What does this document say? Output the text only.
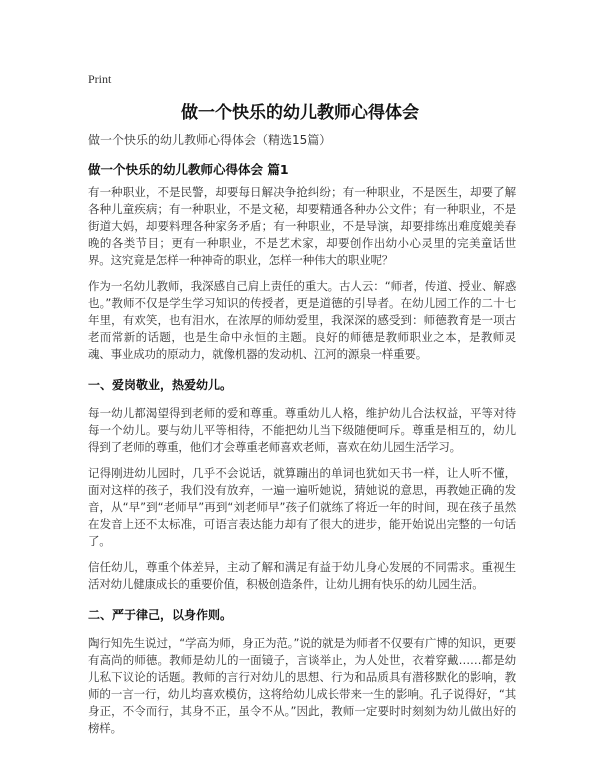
Print
做一个快乐的幼儿教师心得体会

做一个快乐的幼儿教师心得体会（精选15篇）

做一个快乐的幼儿教师心得体会 篇1

有一种职业，不是民警，却要每日解决争抢纠纷；有一种职业，不是医生，却要了解各种儿童疾病；有一种职业，不是文秘，却要精通各种办公文件；有一种职业，不是街道大妈，却要料理各种家务矛盾；有一种职业，不是导演，却要排练出难度媲美春晚的各类节目；更有一种职业，不是艺术家，却要创作出幼小心灵里的完美童话世界。这究竟是怎样一种神奇的职业，怎样一种伟大的职业呢？

作为一名幼儿教师，我深感自己肩上责任的重大。古人云：“师者，传道、授业、解惑也。”教师不仅是学生学习知识的传授者，更是道德的引导者。在幼儿园工作的二十七年里，有欢笑，也有泪水，在浓厚的师幼爱里，我深深的感受到：师德教育是一项古老而常新的话题，也是生命中永恒的主题。良好的师德是教师职业之本，是教师灵魂、事业成功的原动力，就像机器的发动机、江河的源泉一样重要。

一、爱岗敬业，热爱幼儿。

每一幼儿都渴望得到老师的爱和尊重。尊重幼儿人格，维护幼儿合法权益，平等对待每一个幼儿。要与幼儿平等相待，不能把幼儿当下级随便呵斥。尊重是相互的，幼儿得到了老师的尊重，他们才会尊重老师喜欢老师，喜欢在幼儿园生活学习。

记得刚进幼儿园时，几乎不会说话，就算蹦出的单词也犹如天书一样，让人听不懂，面对这样的孩子，我们没有放弃，一遍一遍听她说，猜她说的意思，再教她正确的发音，从“早”到“老师早”再到“刘老师早”孩子们就练了将近一年的时间，现在孩子虽然在发音上还不太标准，可语言表达能力却有了很大的进步，能开始说出完整的一句话了。

信任幼儿，尊重个体差异，主动了解和满足有益于幼儿身心发展的不同需求。重视生活对幼儿健康成长的重要价值，积极创造条件，让幼儿拥有快乐的幼儿园生活。

二、严于律己，以身作则。

陶行知先生说过，“学高为师，身正为范。”说的就是为师者不仅要有广博的知识，更要有高尚的师德。教师是幼儿的一面镜子，言谈举止，为人处世，衣着穿戴……都是幼儿私下议论的话题。教师的言行对幼儿的思想、行为和品质具有潜移默化的影响，教师的一言一行，幼儿均喜欢模仿，这将给幼儿成长带来一生的影响。孔子说得好，“其身正，不令而行，其身不正，虽令不从。”因此，教师一定要时时刻刻为幼儿做出好的榜样。
